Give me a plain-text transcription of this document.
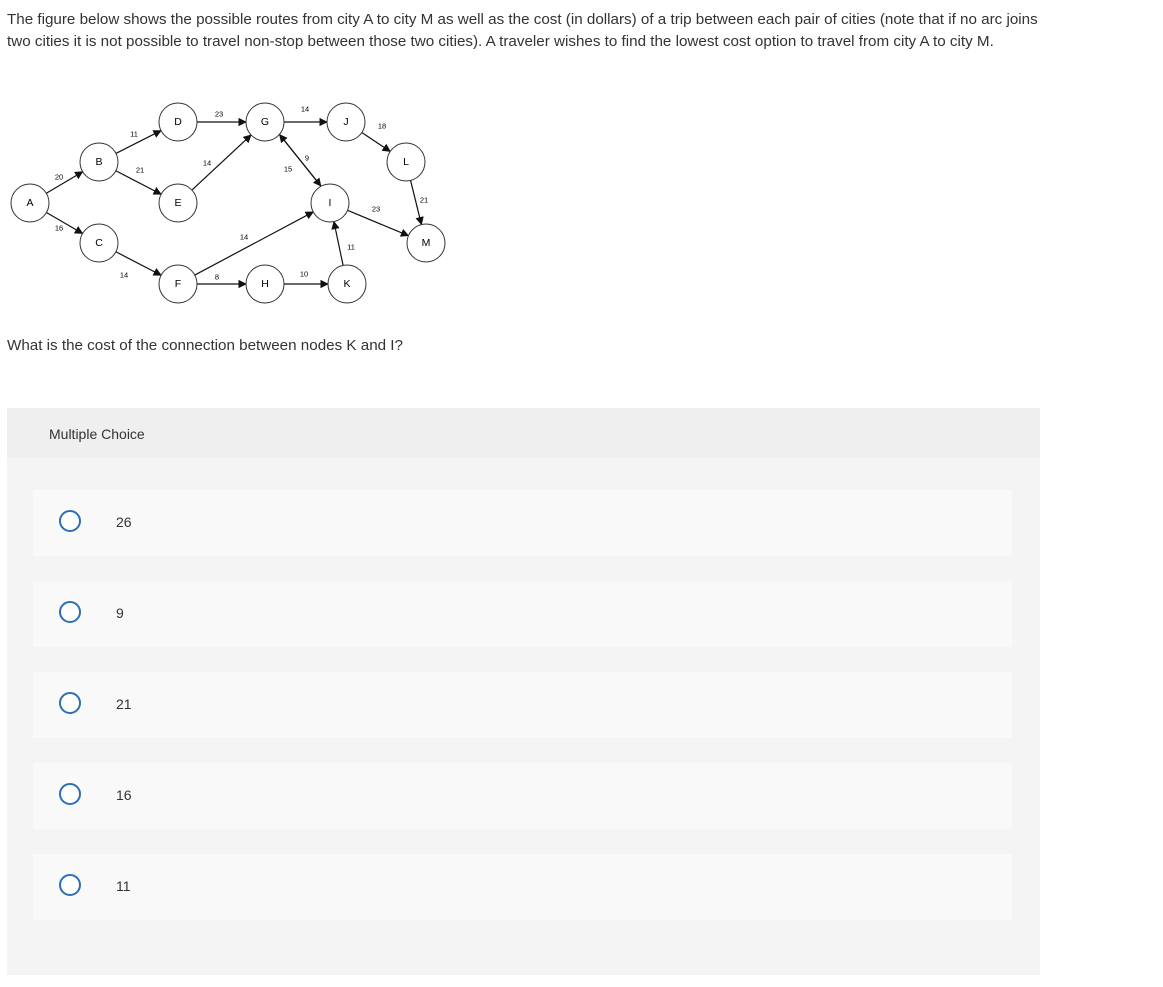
The figure below shows the possible routes from city A to city M as well as the cost (in dollars) of a trip between each pair of cities (note that if no arc joins two cities it is not possible to travel non-stop between those two cities). A traveler wishes to find the lowest cost option to travel from city A to city M.
20
16
11
21
14
23
14
14
9
15
8
14
10
11
18
23
21
A
B
C
D
E
F
G
H
I
J
K
L
M
What is the cost of the connection between nodes K and I?
Multiple Choice
26
9
21
16
11
